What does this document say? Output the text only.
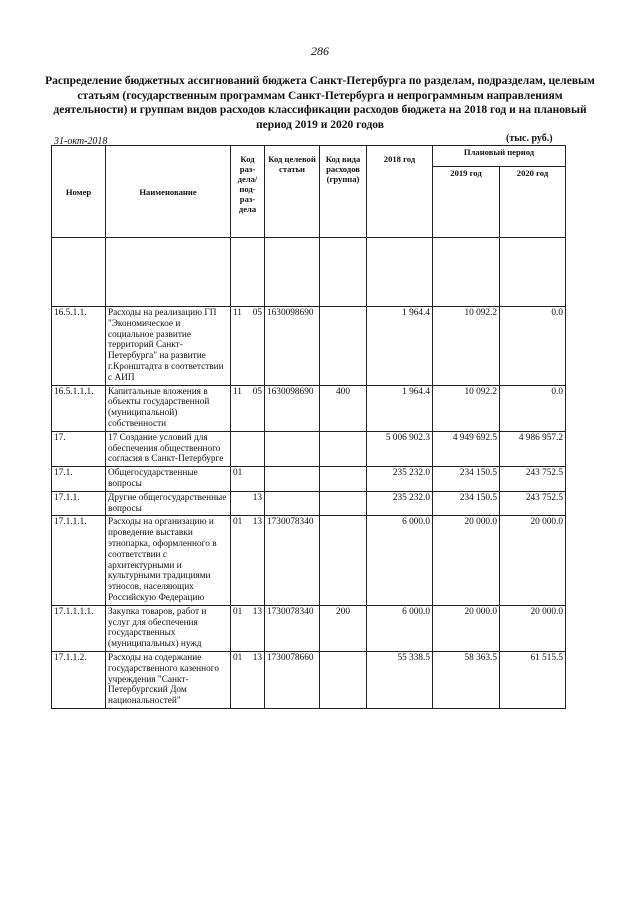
286
Распределение бюджетных ассигнований бюджета Санкт-Петербурга по разделам, подразделам, целевым статьям (государственным программам Санкт-Петербурга и непрограммным направлениям деятельности) и группам видов расходов классификации расходов бюджета на 2018 год и на плановый период 2019 и 2020 годов
31-окт-2018	(тыс. руб.)
Номер	Наименование	Код раз-дела/ под-раз-дела	Код целевой статьи	Код вида расходов (группа)	2018 год	Плановый период	
						2019 год	2020 год

16.5.1.1.	Расходы на реализацию ГП "Экономическое и социальное развитие территорий Санкт-Петербурга" на развитие г.Кронштадта в соответствии с АИП	11 05	1630098690		1 964.4	10 092.2	0.0
16.5.1.1.1.	Капитальные вложения в объекты государственной (муниципальной) собственности	11 05	1630098690	400	1 964.4	10 092.2	0.0
17.	17 Создание условий для обеспечения общественного согласия в Санкт-Петербурге				5 006 902.3	4 949 692.5	4 986 957.2
17.1.	Общегосударственные вопросы	01			235 232.0	234 150.5	243 752.5
17.1.1.	Другие общегосударственные вопросы	13			235 232.0	234 150.5	243 752.5
17.1.1.1.	Расходы на организацию и проведение выставки этнопарка, оформленного в соответствии с архитектурными и культурными традициями этносов, населяющих Российскую Федерацию	01 13	1730078340		6 000.0	20 000.0	20 000.0
17.1.1.1.1.	Закупка товаров, работ и услуг для обеспечения государственных (муниципальных) нужд	01 13	1730078340	200	6 000.0	20 000.0	20 000.0
17.1.1.2.	Расходы на содержание государственного казенного учреждения "Санкт-Петербургский Дом национальностей"	01 13	1730078660		55 338.5	58 363.5	61 515.5
